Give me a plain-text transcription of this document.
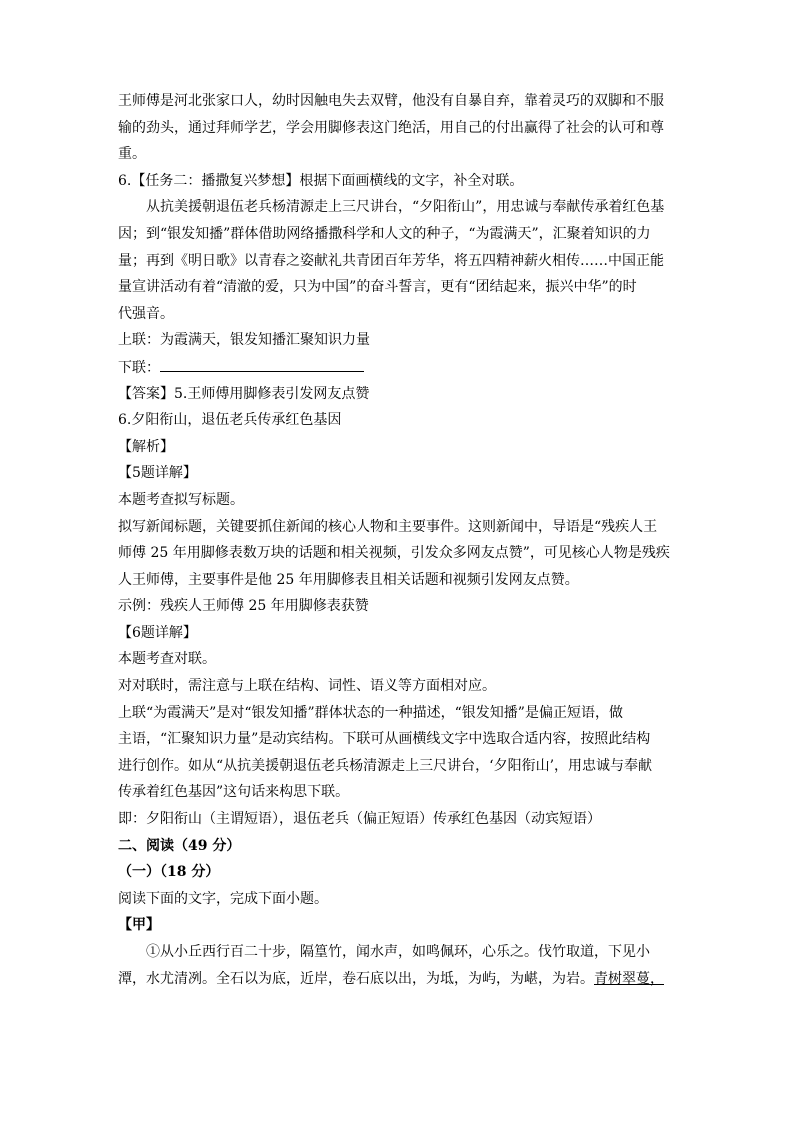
王师傅是河北张家口人，幼时因触电失去双臂，他没有自暴自弃，靠着灵巧的双脚和不服
输的劲头，通过拜师学艺，学会用脚修表这门绝活，用自己的付出赢得了社会的认可和尊
重。
6.【任务二：播撒复兴梦想】根据下面画横线的文字，补全对联。
从抗美援朝退伍老兵杨清源走上三尺讲台，“夕阳衔山”，用忠诚与奉献传承着红色基
因；到“银发知播”群体借助网络播撒科学和人文的种子，“为霞满天”，汇聚着知识的力
量；再到《明日歌》以青春之姿献礼共青团百年芳华，将五四精神薪火相传……中国正能
量宣讲活动有着“清澈的爱，只为中国”的奋斗誓言，更有“团结起来，振兴中华”的时
代强音。
上联：为霞满天，银发知播汇聚知识力量
下联：
【答案】5.王师傅用脚修表引发网友点赞
6.夕阳衔山，退伍老兵传承红色基因
【解析】
【5题详解】
本题考查拟写标题。
拟写新闻标题，关键要抓住新闻的核心人物和主要事件。这则新闻中，导语是“残疾人王
师傅 25 年用脚修表数万块的话题和相关视频，引发众多网友点赞”，可见核心人物是残疾
人王师傅，主要事件是他 25 年用脚修表且相关话题和视频引发网友点赞。
示例：残疾人王师傅 25 年用脚修表获赞
【6题详解】
本题考查对联。
对对联时，需注意与上联在结构、词性、语义等方面相对应。
上联“为霞满天”是对“银发知播”群体状态的一种描述，“银发知播”是偏正短语，做
主语，“汇聚知识力量”是动宾结构。下联可从画横线文字中选取合适内容，按照此结构
进行创作。如从“从抗美援朝退伍老兵杨清源走上三尺讲台，‘夕阳衔山’，用忠诚与奉献
传承着红色基因”这句话来构思下联。
即：夕阳衔山（主谓短语），退伍老兵（偏正短语）传承红色基因（动宾短语）
二、阅读（49 分）
（一）（18 分）
阅读下面的文字，完成下面小题。
【甲】
①从小丘西行百二十步，隔篁竹，闻水声，如鸣佩环，心乐之。伐竹取道，下见小
潭，水尤清冽。全石以为底，近岸，卷石底以出，为坻，为屿，为嵁，为岩。青树翠蔓，
